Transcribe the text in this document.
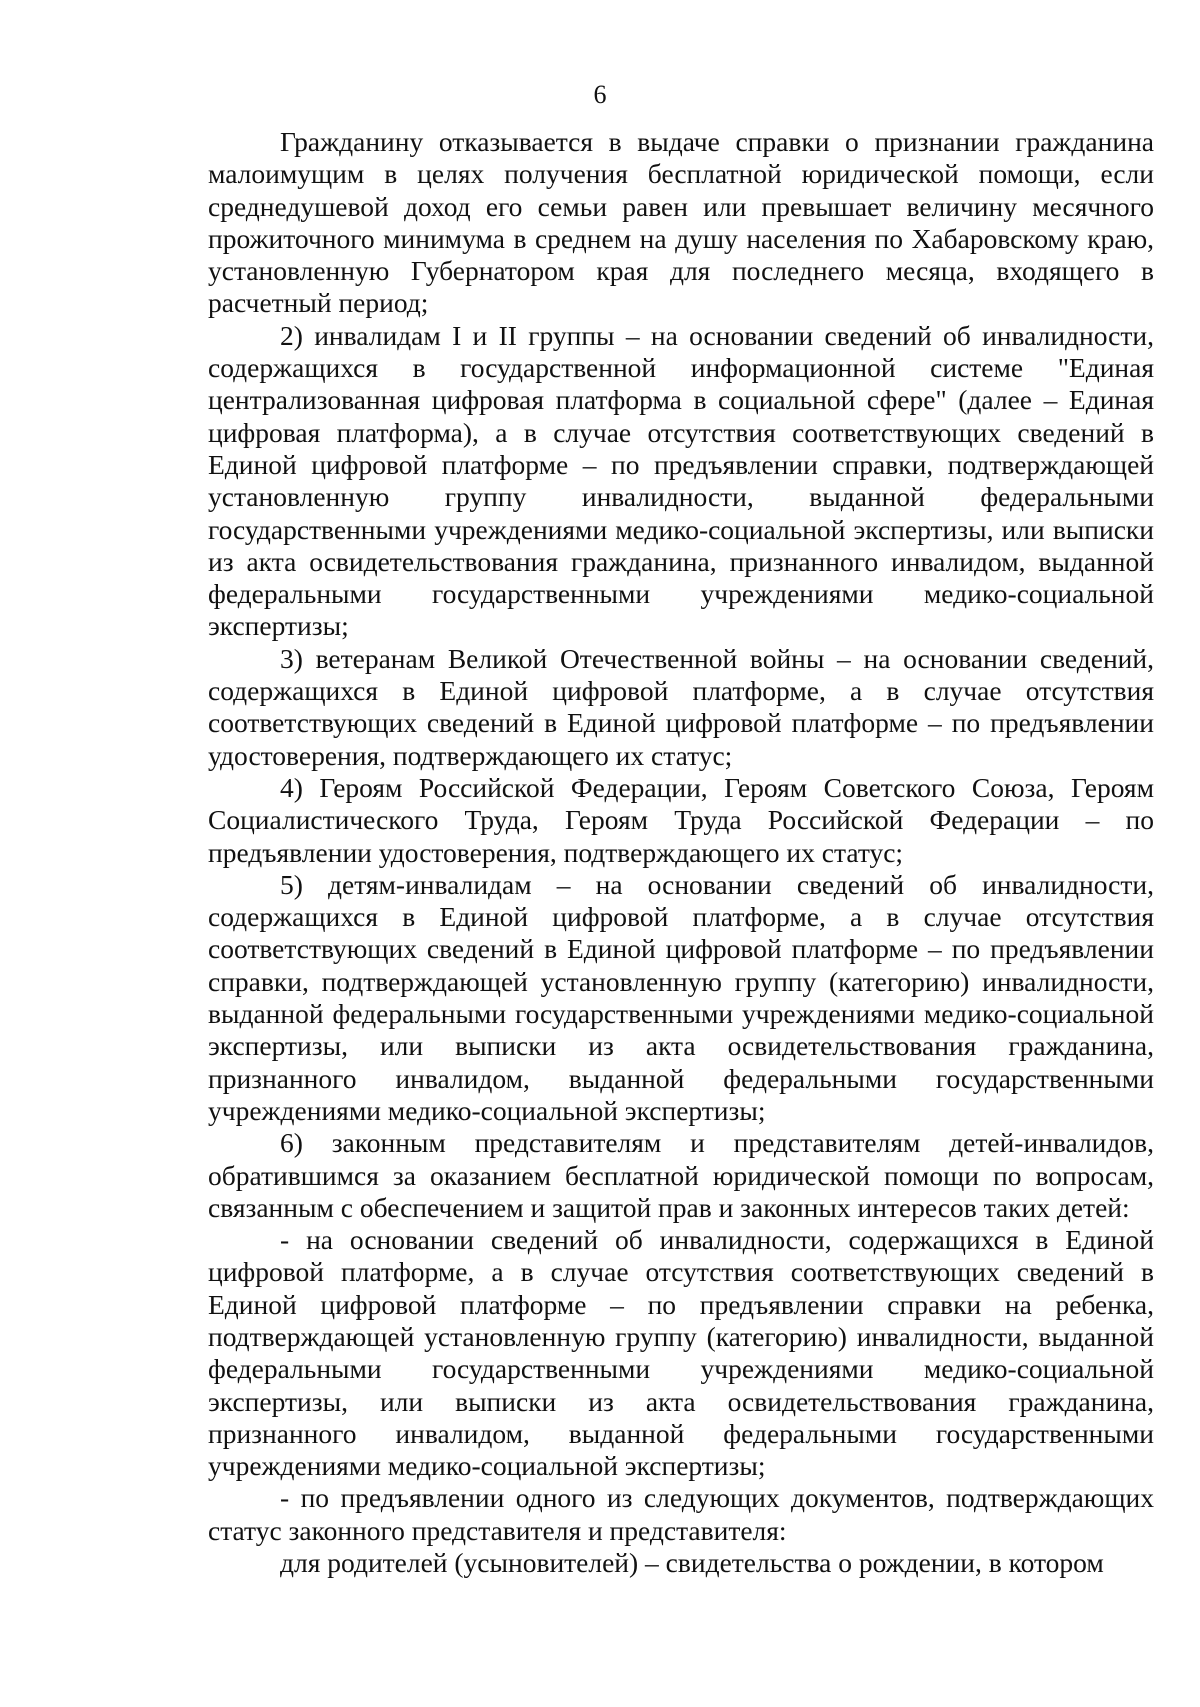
6

Гражданину отказывается в выдаче справки о признании гражданина малоимущим в целях получения бесплатной юридической помощи, если среднедушевой доход его семьи равен или превышает величину месячного прожиточного минимума в среднем на душу населения по Хабаровскому краю, установленную Губернатором края для последнего месяца, входящего в расчетный период;

2) инвалидам I и II группы – на основании сведений об инвалидности, содержащихся в государственной информационной системе "Единая централизованная цифровая платформа в социальной сфере" (далее – Единая цифровая платформа), а в случае отсутствия соответствующих сведений в Единой цифровой платформе – по предъявлении справки, подтверждающей установленную группу инвалидности, выданной федеральными государственными учреждениями медико-социальной экспертизы, или выписки из акта освидетельствования гражданина, признанного инвалидом, выданной федеральными государственными учреждениями медико-социальной экспертизы;

3) ветеранам Великой Отечественной войны – на основании сведений, содержащихся в Единой цифровой платформе, а в случае отсутствия соответствующих сведений в Единой цифровой платформе – по предъявлении удостоверения, подтверждающего их статус;

4) Героям Российской Федерации, Героям Советского Союза, Героям Социалистического Труда, Героям Труда Российской Федерации – по предъявлении удостоверения, подтверждающего их статус;

5) детям-инвалидам – на основании сведений об инвалидности, содержащихся в Единой цифровой платформе, а в случае отсутствия соответствующих сведений в Единой цифровой платформе – по предъявлении справки, подтверждающей установленную группу (категорию) инвалидности, выданной федеральными государственными учреждениями медико-социальной экспертизы, или выписки из акта освидетельствования гражданина, признанного инвалидом, выданной федеральными государственными учреждениями медико-социальной экспертизы;

6) законным представителям и представителям детей-инвалидов, обратившимся за оказанием бесплатной юридической помощи по вопросам, связанным с обеспечением и защитой прав и законных интересов таких детей:

- на основании сведений об инвалидности, содержащихся в Единой цифровой платформе, а в случае отсутствия соответствующих сведений в Единой цифровой платформе – по предъявлении справки на ребенка, подтверждающей установленную группу (категорию) инвалидности, выданной федеральными государственными учреждениями медико-социальной экспертизы, или выписки из акта освидетельствования гражданина, признанного инвалидом, выданной федеральными государственными учреждениями медико-социальной экспертизы;

- по предъявлении одного из следующих документов, подтверждающих статус законного представителя и представителя:

для родителей (усыновителей) – свидетельства о рождении, в котором
